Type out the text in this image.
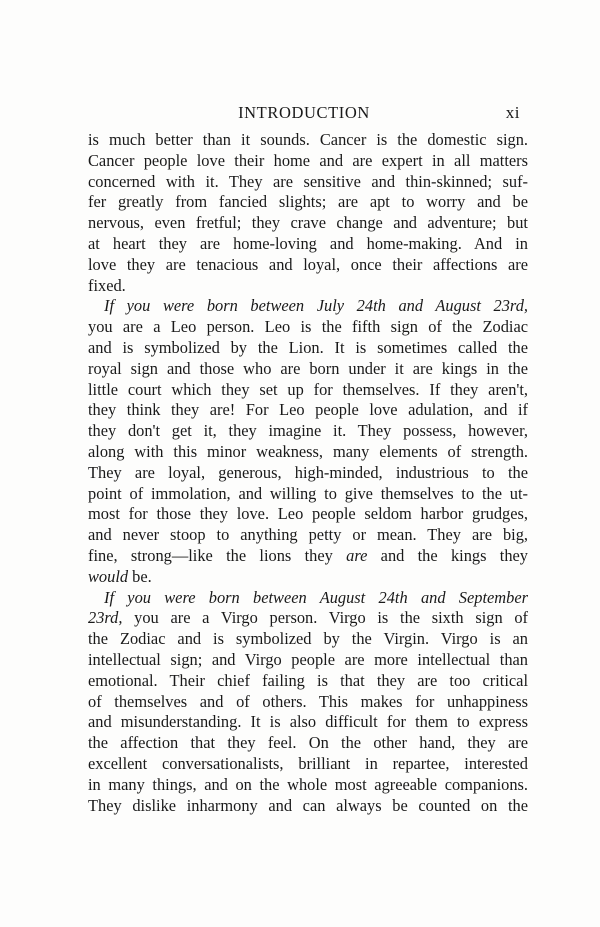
INTRODUCTION	xi
is much better than it sounds. Cancer is the domestic sign.
Cancer people love their home and are expert in all matters
concerned with it. They are sensitive and thin-skinned; suf-
fer greatly from fancied slights; are apt to worry and be
nervous, even fretful; they crave change and adventure; but
at heart they are home-loving and home-making. And in
love they are tenacious and loyal, once their affections are
fixed.
If you were born between July 24th and August 23rd,
you are a Leo person. Leo is the fifth sign of the Zodiac
and is symbolized by the Lion. It is sometimes called the
royal sign and those who are born under it are kings in the
little court which they set up for themselves. If they aren't,
they think they are! For Leo people love adulation, and if
they don't get it, they imagine it. They possess, however,
along with this minor weakness, many elements of strength.
They are loyal, generous, high-minded, industrious to the
point of immolation, and willing to give themselves to the ut-
most for those they love. Leo people seldom harbor grudges,
and never stoop to anything petty or mean. They are big,
fine, strong—like the lions they are and the kings they
would be.
If you were born between August 24th and September
23rd, you are a Virgo person. Virgo is the sixth sign of
the Zodiac and is symbolized by the Virgin. Virgo is an
intellectual sign; and Virgo people are more intellectual than
emotional. Their chief failing is that they are too critical
of themselves and of others. This makes for unhappiness
and misunderstanding. It is also difficult for them to express
the affection that they feel. On the other hand, they are
excellent conversationalists, brilliant in repartee, interested
in many things, and on the whole most agreeable companions.
They dislike inharmony and can always be counted on the
